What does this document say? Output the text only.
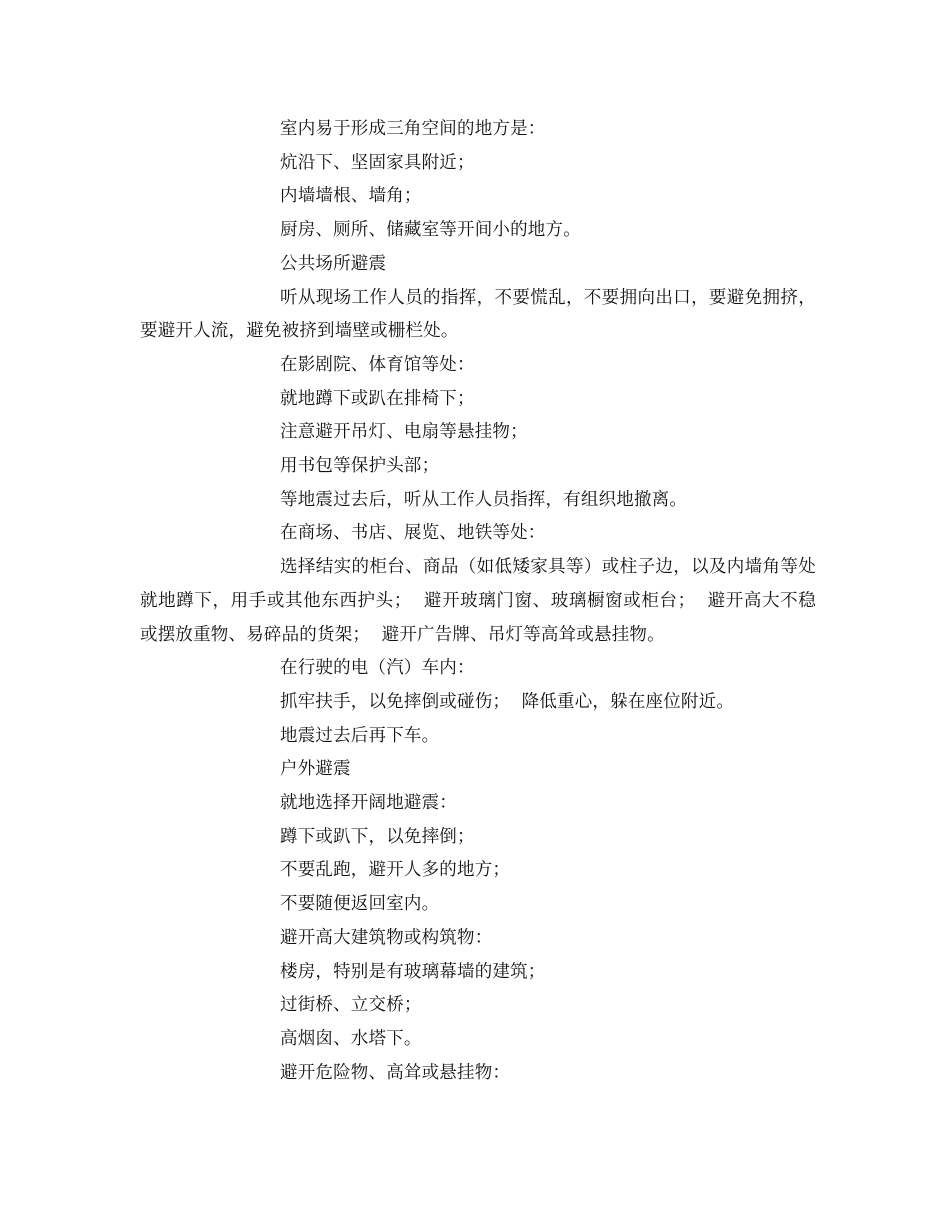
室内易于形成三角空间的地方是：

炕沿下、坚固家具附近；

内墙墙根、墙角；

厨房、厕所、储藏室等开间小的地方。

公共场所避震

听从现场工作人员的指挥，不要慌乱，不要拥向出口，要避免拥挤，要避开人流，避免被挤到墙壁或栅栏处。

在影剧院、体育馆等处：

就地蹲下或趴在排椅下；

注意避开吊灯、电扇等悬挂物；

用书包等保护头部；

等地震过去后，听从工作人员指挥，有组织地撤离。

在商场、书店、展览、地铁等处：

选择结实的柜台、商品（如低矮家具等）或柱子边，以及内墙角等处就地蹲下，用手或其他东西护头；  避开玻璃门窗、玻璃橱窗或柜台；  避开高大不稳或摆放重物、易碎品的货架；  避开广告牌、吊灯等高耸或悬挂物。

在行驶的电（汽）车内：

抓牢扶手，以免摔倒或碰伤；  降低重心，躲在座位附近。

地震过去后再下车。

户外避震

就地选择开阔地避震：

蹲下或趴下，以免摔倒；

不要乱跑，避开人多的地方；

不要随便返回室内。

避开高大建筑物或构筑物：

楼房，特别是有玻璃幕墙的建筑；

过街桥、立交桥；

高烟囱、水塔下。

避开危险物、高耸或悬挂物：
